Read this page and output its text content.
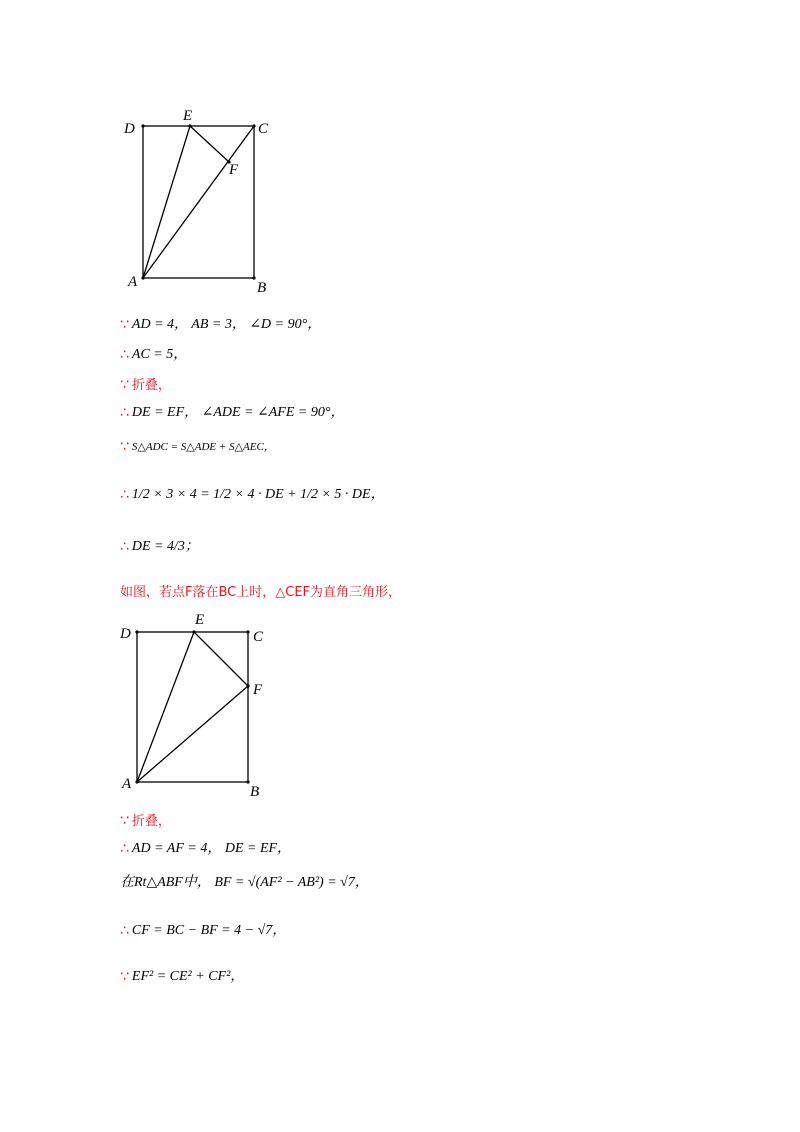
D
E
C
F
A	B
∵ AD = 4， AB = 3， ∠D = 90°，
∴ AC = 5，
∵ 折叠，
∴ DE = EF， ∠ADE = ∠AFE = 90°，
∵ S△ADC = S△ADE + S△AEC，
∴ 1/2 × 3 × 4 = 1/2 × 4 · DE + 1/2 × 5 · DE，
∴ DE = 4/3；
如图，若点F落在BC上时，△CEF为直角三角形，
D
E
C
F
A	B
∵ 折叠，
∴ AD = AF = 4， DE = EF，
在Rt△ABF中， BF = √(AF² − AB²) = √7，
∴ CF = BC − BF = 4 − √7，
∵ EF² = CE² + CF²，
